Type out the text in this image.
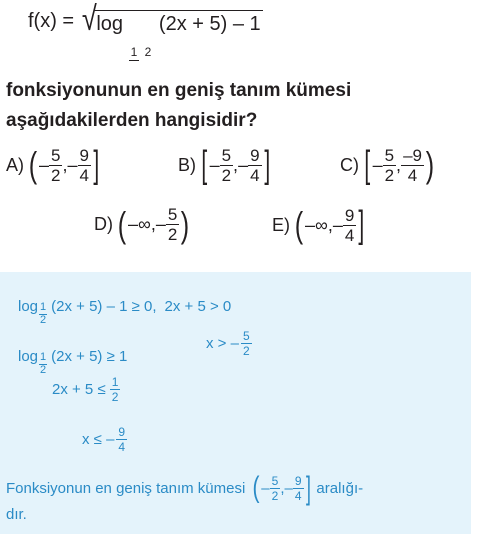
f(x) = √log 1 2 (2x + 5) – 1
fonksiyonunun en geniş tanım kümesi aşağıdakilerden hangisidir?
A) ( – $\frac{5}{2}$ , – $\frac{9}{4}$ ]	B) [ – $\frac{5}{2}$ , – $\frac{9}{4}$ ]	C) [ – $\frac{5}{2}$ , $\frac{-9}{4}$ )
D) ( –∞ , – $\frac{5}{2}$ )	E) ( –∞ , – $\frac{9}{4}$ ]
$\log \frac{1}{2} (2x + 5) - 1 \ge 0$, 2x + 5 > 0
$\log \frac{1}{2} (2x + 5) \ge 1$
x > – $\frac{5}{2}$
$2x + 5 \le \frac{1}{2}$
x ≤ – $\frac{9}{4}$
Fonksiyonun en geniş tanım kümesi ( – $\frac{5}{2}$ ,– $\frac{9}{4}$ ] aralığı-
dır.
